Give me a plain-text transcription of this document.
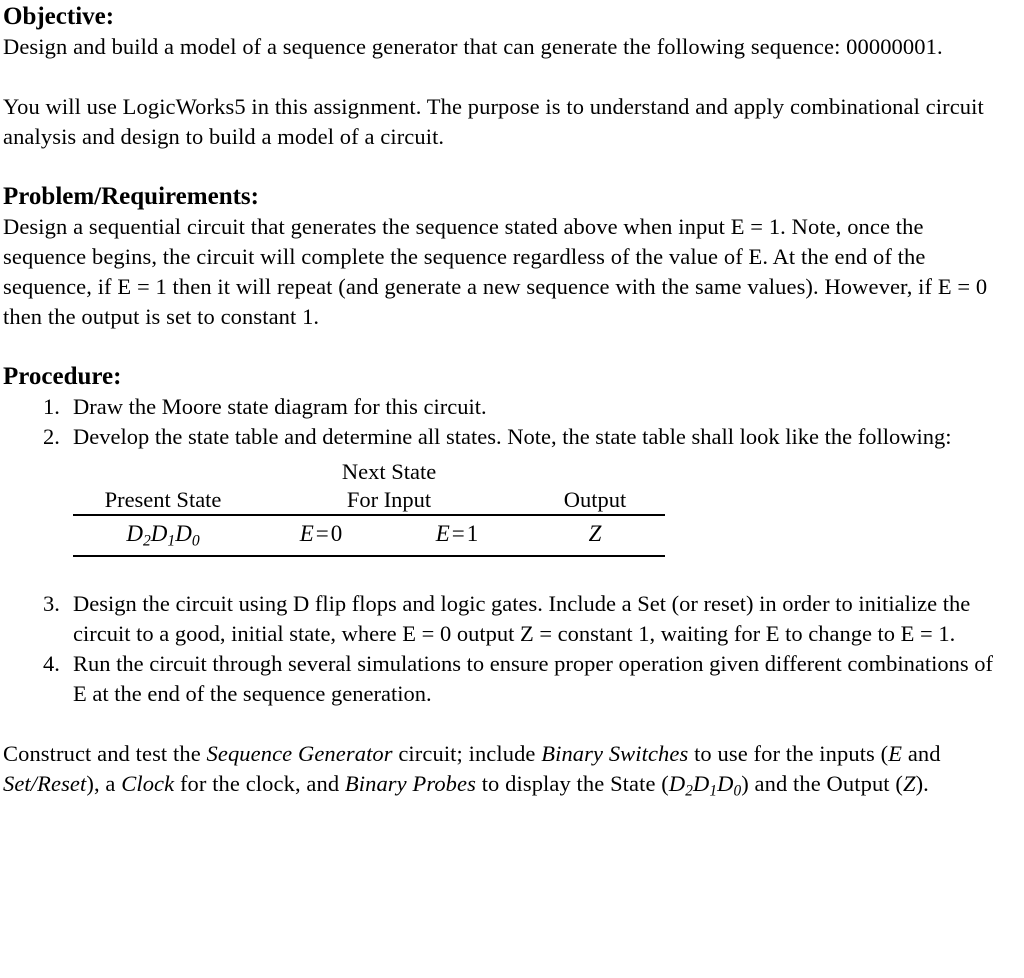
Objective:

Design and build a model of a sequence generator that can generate the following sequence: 00000001.

You will use LogicWorks5 in this assignment. The purpose is to understand and apply combinational circuit analysis and design to build a model of a circuit.

Problem/Requirements:

Design a sequential circuit that generates the sequence stated above when input E = 1. Note, once the sequence begins, the circuit will complete the sequence regardless of the value of E. At the end of the sequence, if E = 1 then it will repeat (and generate a new sequence with the same values). However, if E = 0 then the output is set to constant 1.

Procedure:
Draw the Moore state diagram for this circuit.
Develop the state table and determine all states. Note, the state table shall look like the following:
	Next State		
Present State	For Input		Output
$D_2D_1D_0$	E=0	E=1	Z
Design the circuit using D flip flops and logic gates. Include a Set (or reset) in order to initialize the circuit to a good, initial state, where E = 0 output Z = constant 1, waiting for E to change to E = 1.
Run the circuit through several simulations to ensure proper operation given different combinations of E at the end of the sequence generation.

Construct and test the Sequence Generator circuit; include Binary Switches to use for the inputs (E and Set/Reset), a Clock for the clock, and Binary Probes to display the State $(D_2D_1D_0)$ and the Output (Z).
